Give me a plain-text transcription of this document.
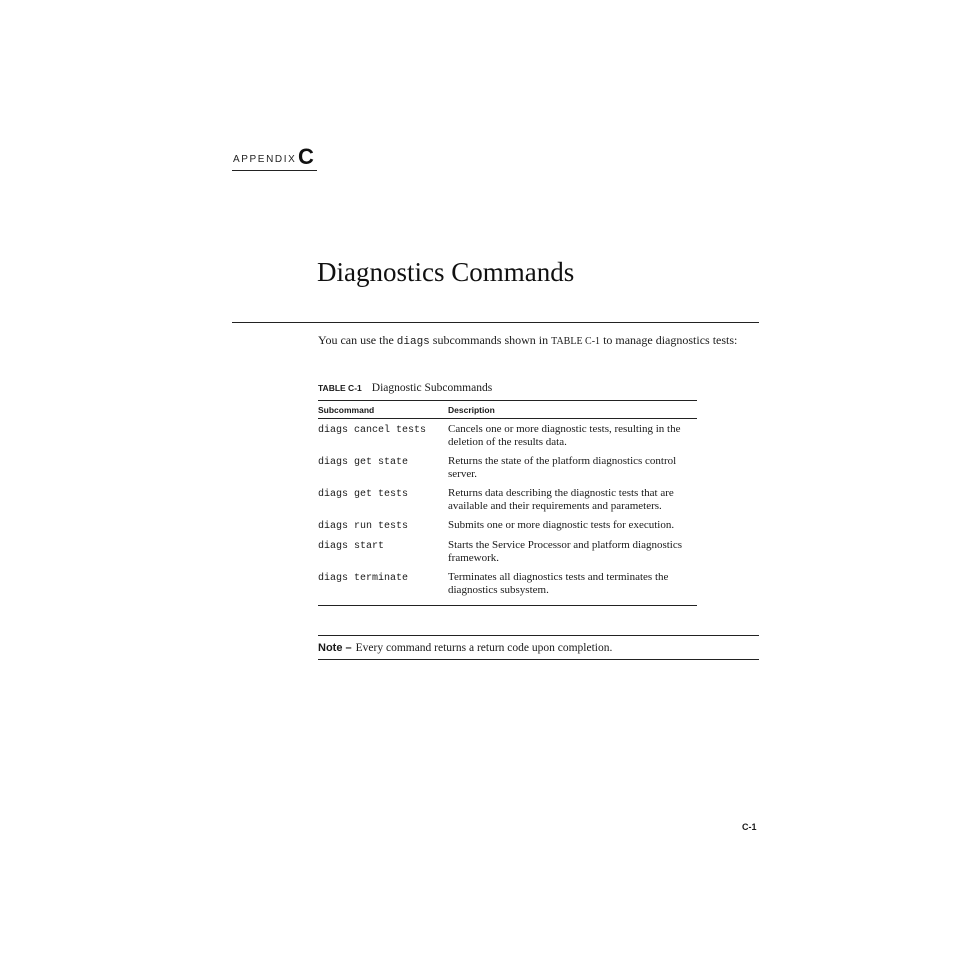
APPENDIX C
Diagnostics Commands

You can use the diags subcommands shown in TABLE C-1 to manage diagnostics tests:

TABLE C-1 Diagnostic Subcommands
Subcommand	Description
diags cancel tests	Cancels one or more diagnostic tests, resulting in the deletion of the results data.
diags get state	Returns the state of the platform diagnostics control server.
diags get tests	Returns data describing the diagnostic tests that are available and their requirements and parameters.
diags run tests	Submits one or more diagnostic tests for execution.
diags start	Starts the Service Processor and platform diagnostics framework.
diags terminate	Terminates all diagnostics tests and terminates the diagnostics subsystem.
Note – Every command returns a return code upon completion.
C-1
